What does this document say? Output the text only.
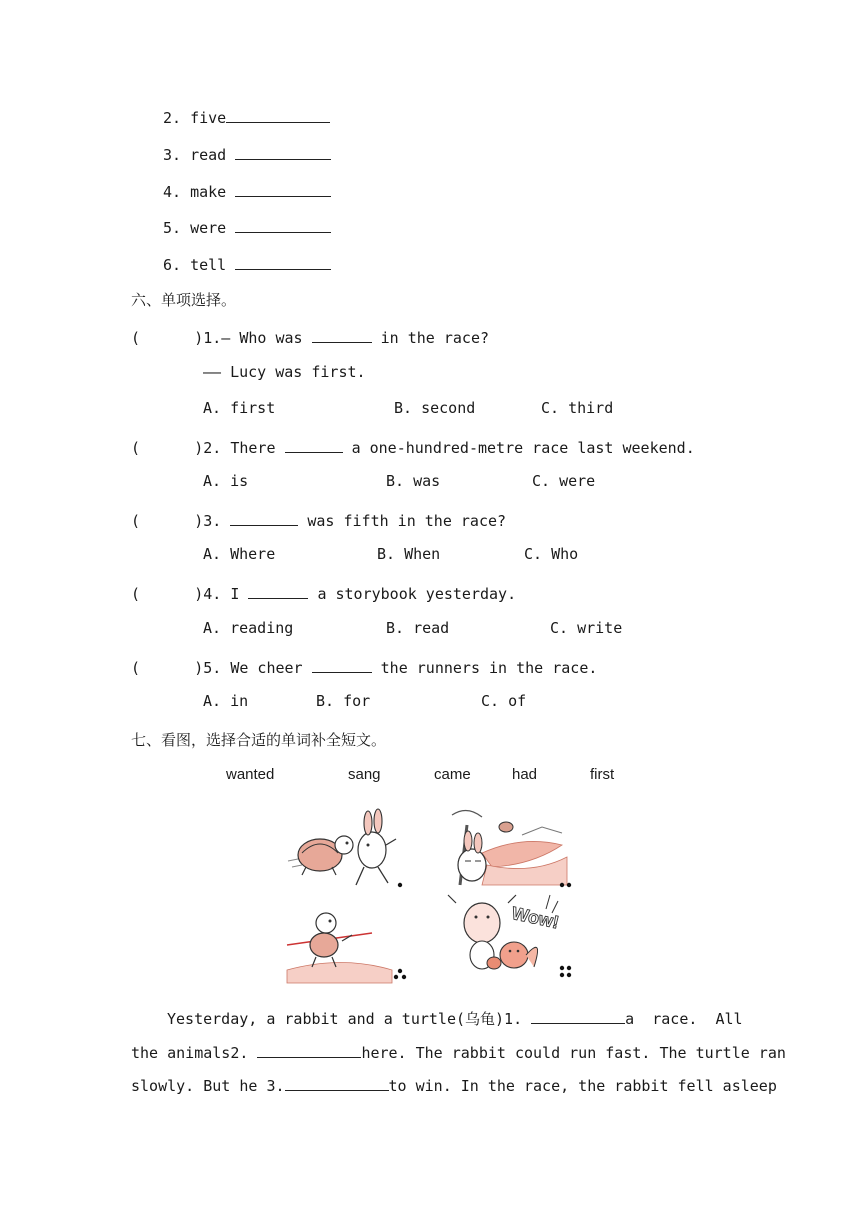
2. five
3. read
4. make
5. were
6. tell
六、单项选择。
(      )1.— Who was	in the race?
—— Lucy was first.
A. first	B. second	C. third
(      )2. There	a one-hundred-metre race last weekend.
A. is	B. was	C. were
(      )3.	was fifth in the race?
A. Where	B. When	C. Who
(      )4. I	a storybook yesterday.
A. reading	B. read	C. write
(      )5. We cheer	the runners in the race.
A. in	B. for	C. of
七、看图，选择合适的单词补全短文。
wanted	sang	came	had	first
Wow!
Yesterday, a rabbit and a turtle(乌龟)1.	a  race.  All
the animals2.	here. The rabbit could run fast. The turtle ran
slowly. But he 3.	to win. In the race, the rabbit fell asleep
